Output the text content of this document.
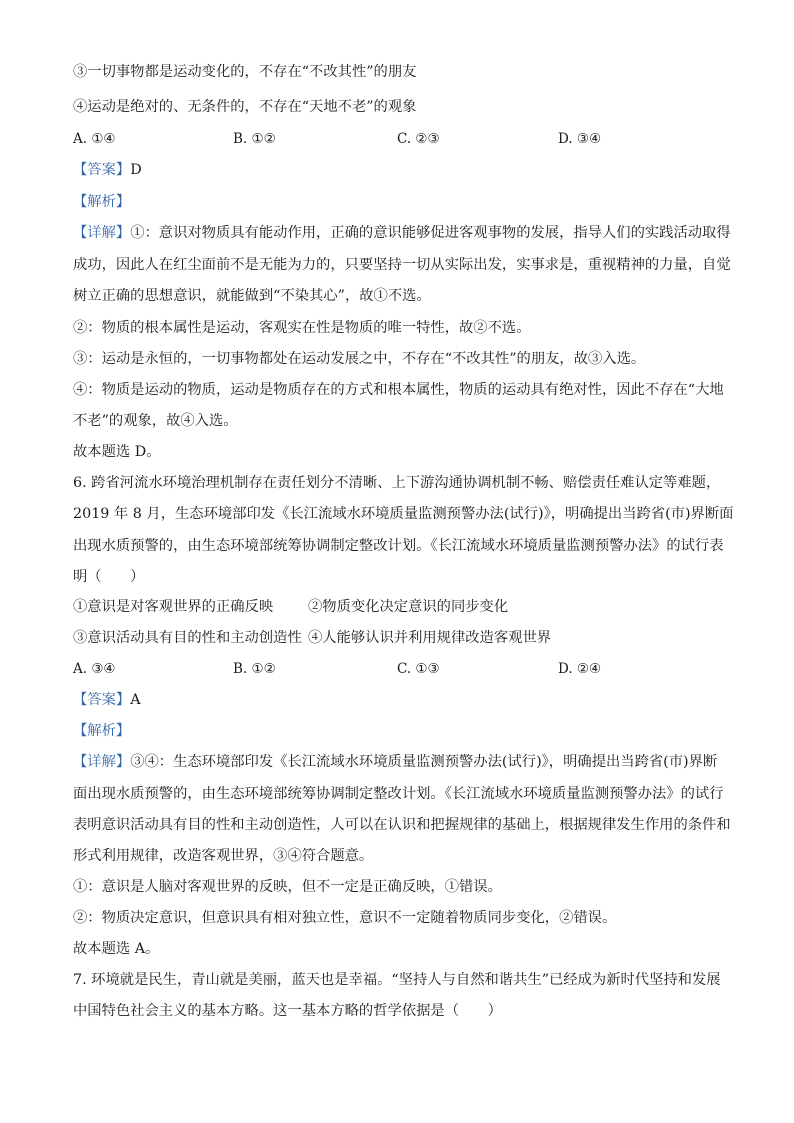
③一切事物都是运动变化的，不存在“不改其性”的朋友
④运动是绝对的、无条件的，不存在“天地不老”的观象
A. ①④	B. ①②	C. ②③	D. ③④
【答案】D
【解析】
【详解】①：意识对物质具有能动作用，正确的意识能够促进客观事物的发展，指导人们的实践活动取得
成功，因此人在红尘面前不是无能为力的，只要坚持一切从实际出发，实事求是，重视精神的力量，自觉
树立正确的思想意识，就能做到“不染其心”，故①不选。
②：物质的根本属性是运动，客观实在性是物质的唯一特性，故②不选。
③：运动是永恒的，一切事物都处在运动发展之中，不存在“不改其性”的朋友，故③入选。
④：物质是运动的物质，运动是物质存在的方式和根本属性，物质的运动具有绝对性，因此不存在“大地
不老”的观象，故④入选。
故本题选 D。
6. 跨省河流水环境治理机制存在责任划分不清晰、上下游沟通协调机制不畅、赔偿责任难认定等难题，
2019 年 8 月，生态环境部印发《长江流域水环境质量监测预警办法(试行)》，明确提出当跨省(市)界断面
出现水质预警的，由生态环境部统筹协调制定整改计划。《长江流域水环境质量监测预警办法》的试行表
明（　　）
①意识是对客观世界的正确反映 ②物质变化决定意识的同步变化
③意识活动具有目的性和主动创造性 ④人能够认识并利用规律改造客观世界
A. ③④	B. ①②	C. ①③	D. ②④
【答案】A
【解析】
【详解】③④：生态环境部印发《长江流域水环境质量监测预警办法(试行)》，明确提出当跨省(市)界断
面出现水质预警的，由生态环境部统筹协调制定整改计划。《长江流域水环境质量监测预警办法》的试行
表明意识活动具有目的性和主动创造性，人可以在认识和把握规律的基础上，根据规律发生作用的条件和
形式利用规律，改造客观世界，③④符合题意。
①：意识是人脑对客观世界的反映，但不一定是正确反映，①错误。
②：物质决定意识，但意识具有相对独立性，意识不一定随着物质同步变化，②错误。
故本题选 A。
7. 环境就是民生，青山就是美丽，蓝天也是幸福。“坚持人与自然和谐共生”已经成为新时代坚持和发展
中国特色社会主义的基本方略。这一基本方略的哲学依据是（　　）
